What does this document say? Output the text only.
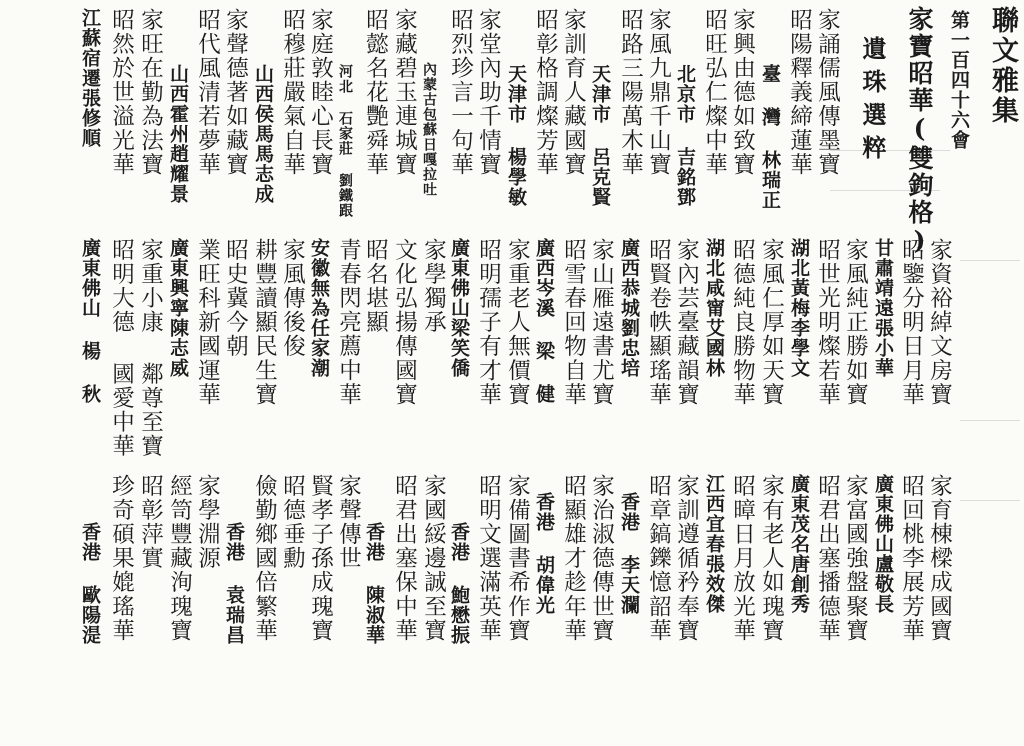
聯文雅集
第一百四十六會
家寶昭華(雙鉤格)
遺珠選粹
家誦儒風傳墨寶
昭陽釋義締蓮華
臺 灣 林瑞正
家興由德如致寶
昭旺弘仁燦中華
北京市 吉銘鄧
家風九鼎千山寶
昭路三陽萬木華
天津市 呂克賢
家訓育人藏國寶
昭彰格調燦芳華
天津市 楊學敏
家堂內助千情寶
昭烈珍言一句華
內蒙古包蘇日嘎拉吐
家藏碧玉連城寶
昭懿名花艷舜華
河北 石家莊 劉鐵跟
家庭敦睦心長寶
昭穆莊嚴氣自華
山西侯馬馬志成
家聲德著如藏寶
昭代風清若夢華
山西霍州趙耀景
家旺在勤為法寶
昭然於世溢光華
江蘇宿遷張修順
家資裕綽文房寶
昭鑒分明日月華
甘肅靖遠張小華
家風純正勝如寶
昭世光明燦若華
湖北黃梅李學文
家風仁厚如天寶
昭德純良勝物華
湖北咸甯艾國林
家內芸臺藏韻寶
昭賢卷帙顯瑤華
廣西恭城劉忠培
家山雁遠書尤寶
昭雪春回物自華
廣西岑溪 梁 健
家重老人無價寶
昭明孺子有才華
廣東佛山梁笑僑
家學獨承
文化弘揚傳國寶
昭名堪顯
青春閃亮薦中華
安徽無為任家潮
家風傳後俊
耕豐讀顯民生寶
昭史冀今朝
業旺科新國運華
廣東興寧陳志威
家重小康 鄰尊至寶
昭明大德 國愛中華
廣東佛山 楊 秋
家育棟樑成國寶
昭回桃李展芳華
廣東佛山盧敬長
家富國強盤聚寶
昭君出塞播德華
廣東茂名唐創秀
家有老人如瑰寶
昭暲日月放光華
江西宜春張效傑
家訓遵循矜奉寶
昭章鎬鑠憶韶華
香港 李天瀾
家治淑德傳世寶
昭顯雄才趁年華
香港 胡偉光
家備圖書希作寶
昭明文選滿英華
香港 鮑懋振
家國綏邊誠至寶
昭君出塞保中華
香港 陳淑華
家聲傳世
賢孝子孫成瑰寶
昭德垂勳
儉勤鄉國倍繁華
香港 袁瑞昌
家學淵源
經笥豐藏洵瑰寶
昭彰萍實
珍奇碩果媲瑤華
香港 歐陽湜
